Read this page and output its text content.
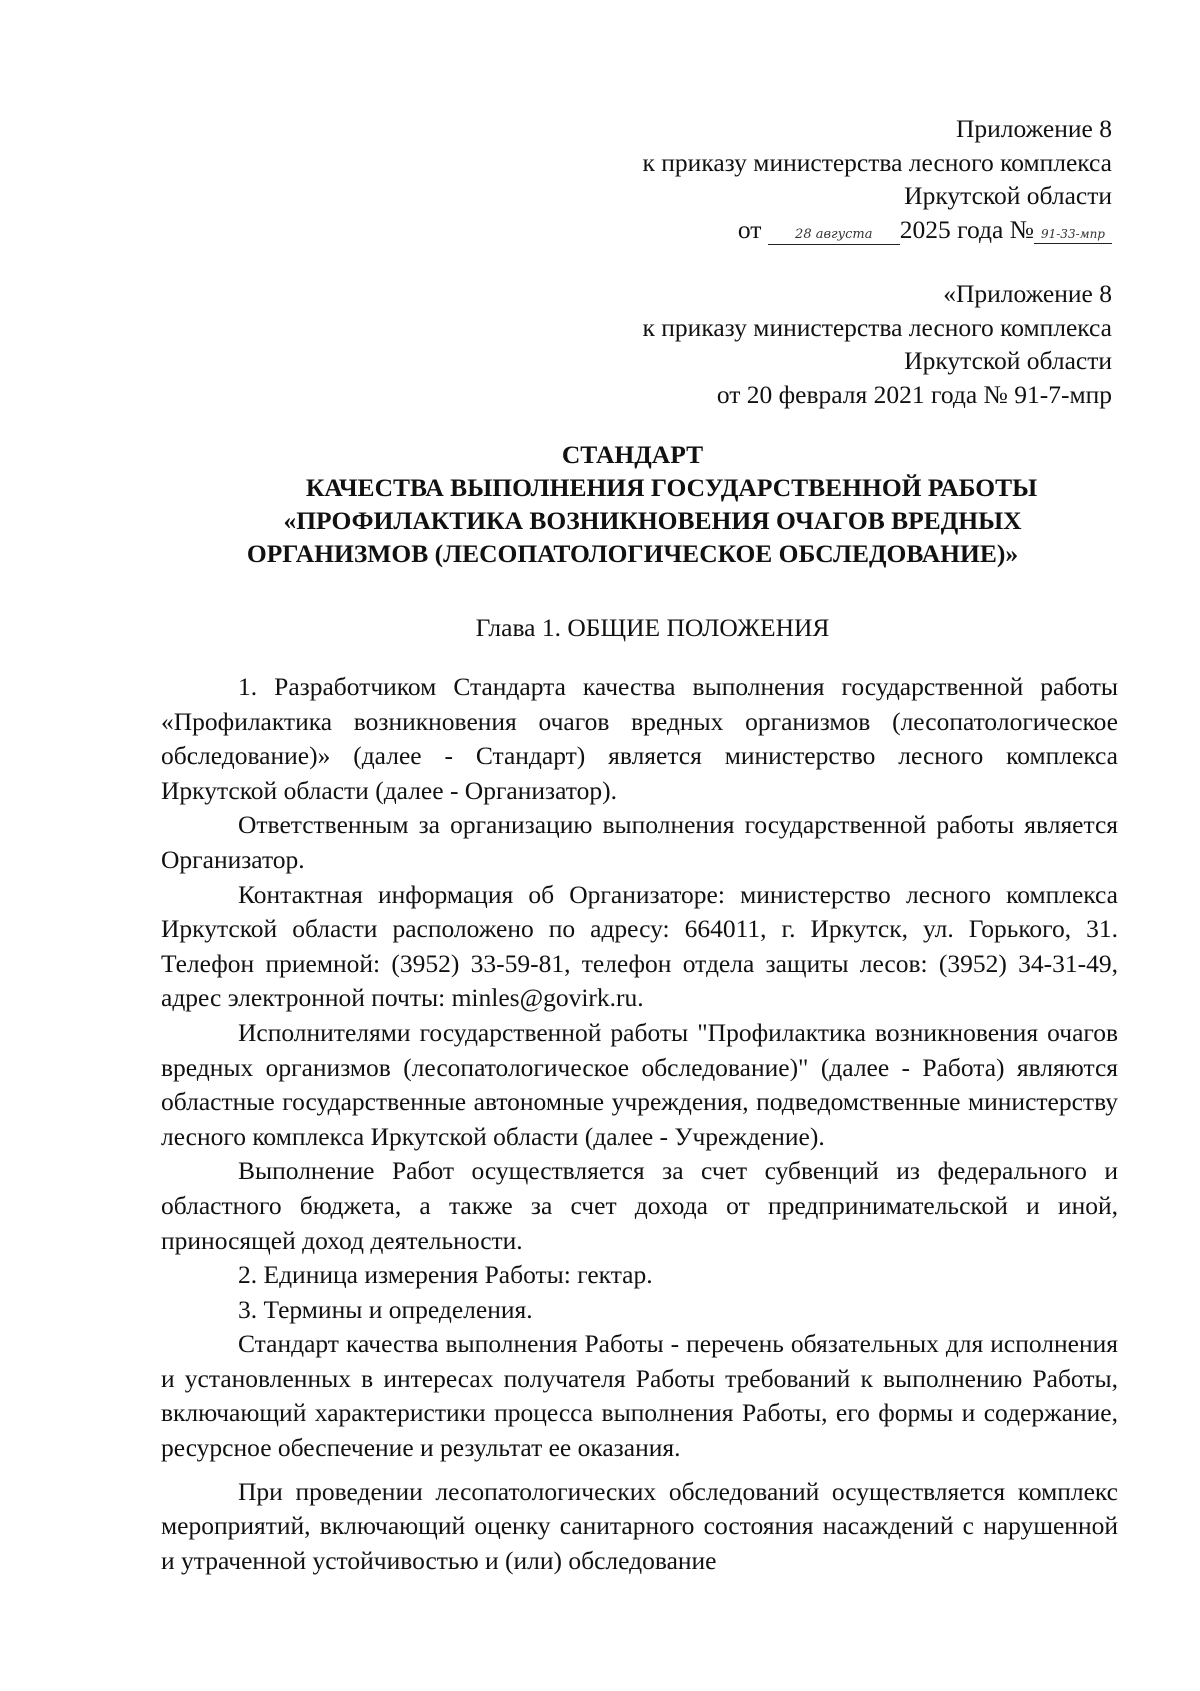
Приложение 8
к приказу министерства лесного комплекса
Иркутской области
от	28 августа 2025 года № 91-33-мпр
«Приложение 8
к приказу министерства лесного комплекса
Иркутской области
от 20 февраля 2021 года № 91-7-мпр
СТАНДАРТ
КАЧЕСТВА ВЫПОЛНЕНИЯ ГОСУДАРСТВЕННОЙ РАБОТЫ
«ПРОФИЛАКТИКА ВОЗНИКНОВЕНИЯ ОЧАГОВ ВРЕДНЫХ
ОРГАНИЗМОВ (ЛЕСОПАТОЛОГИЧЕСКОЕ ОБСЛЕДОВАНИЕ)»
Глава 1. ОБЩИЕ ПОЛОЖЕНИЯ

1. Разработчиком Стандарта качества выполнения государственной работы «Профилактика возникновения очагов вредных организмов (лесопатологическое обследование)» (далее - Стандарт) является министерство лесного комплекса Иркутской области (далее - Организатор).

Ответственным за организацию выполнения государственной работы является Организатор.

Контактная информация об Организаторе: министерство лесного комплекса Иркутской области расположено по адресу: 664011, г. Иркутск, ул. Горького, 31. Телефон приемной: (3952) 33-59-81, телефон отдела защиты лесов: (3952) 34-31-49, адрес электронной почты: minles@govirk.ru.

Исполнителями государственной работы "Профилактика возникновения очагов вредных организмов (лесопатологическое обследование)" (далее - Работа) являются областные государственные автономные учреждения, подведомственные министерству лесного комплекса Иркутской области (далее - Учреждение).

Выполнение Работ осуществляется за счет субвенций из федерального и областного бюджета, а также за счет дохода от предпринимательской и иной, приносящей доход деятельности.

2. Единица измерения Работы: гектар.

3. Термины и определения.

Стандарт качества выполнения Работы - перечень обязательных для исполнения и установленных в интересах получателя Работы требований к выполнению Работы, включающий характеристики процесса выполнения Работы, его формы и содержание, ресурсное обеспечение и результат ее оказания.

При проведении лесопатологических обследований осуществляется комплекс мероприятий, включающий оценку санитарного состояния насаждений с нарушенной и утраченной устойчивостью и (или) обследование
